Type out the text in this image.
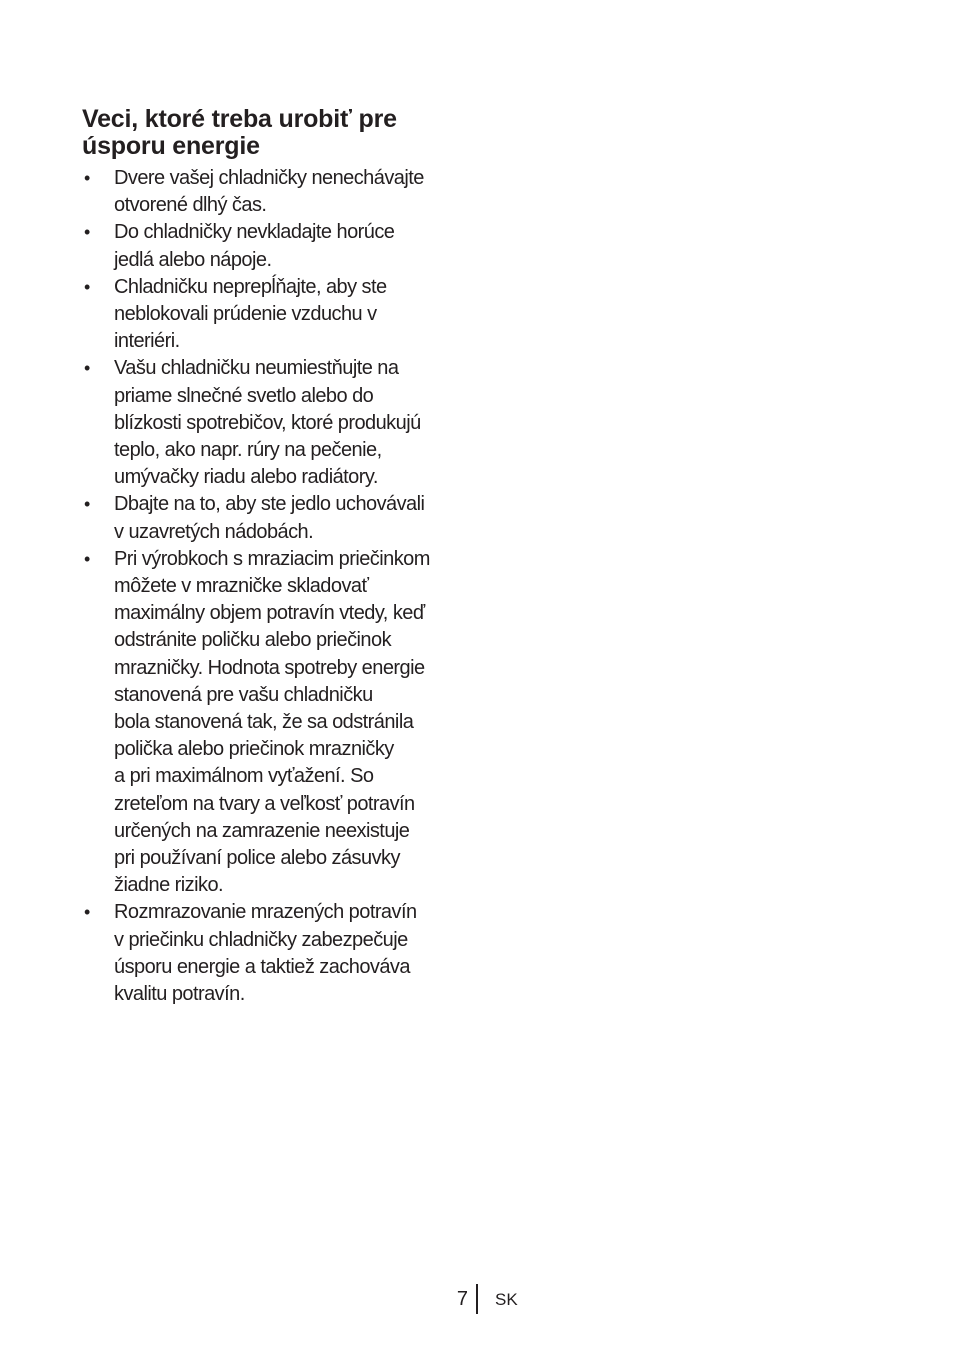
Veci, ktoré treba urobiť pre
úsporu energie
• Dvere vašej chladničky nenechávajte
otvorené dlhý čas.
• Do chladničky nevkladajte horúce
jedlá alebo nápoje.
• Chladničku neprepĺňajte, aby ste
neblokovali prúdenie vzduchu v
interiéri.
• Vašu chladničku neumiestňujte na
priame slnečné svetlo alebo do
blízkosti spotrebičov, ktoré produkujú
teplo, ako napr. rúry na pečenie,
umývačky riadu alebo radiátory.
• Dbajte na to, aby ste jedlo uchovávali
v uzavretých nádobách.
• Pri výrobkoch s mraziacim priečinkom
môžete v mrazničke skladovať
maximálny objem potravín vtedy, keď
odstránite poličku alebo priečinok
mrazničky. Hodnota spotreby energie
stanovená pre vašu chladničku
bola stanovená tak, že sa odstránila
polička alebo priečinok mrazničky
a pri maximálnom vyťažení. So
zreteľom na tvary a veľkosť potravín
určených na zamrazenie neexistuje
pri používaní police alebo zásuvky
žiadne riziko.
• Rozmrazovanie mrazených potravín
v priečinku chladničky zabezpečuje
úsporu energie a taktiež zachováva
kvalitu potravín.
7 SK
